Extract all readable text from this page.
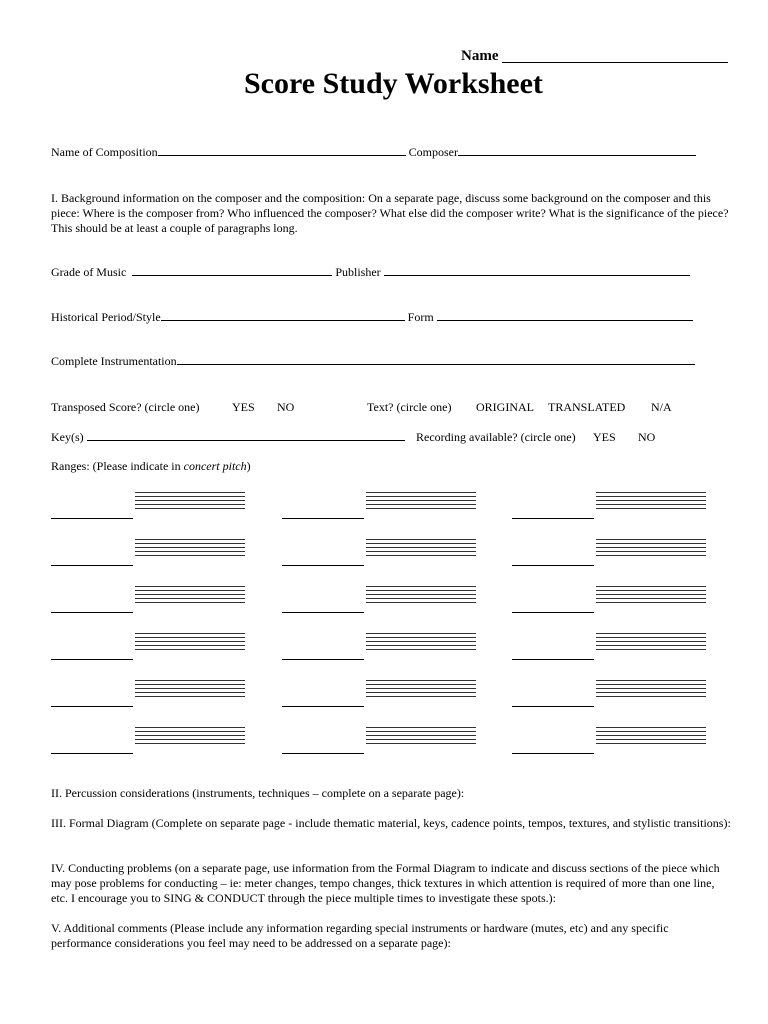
Name
Score Study Worksheet
Name of Composition	Composer
I. Background information on the composer and the composition: On a separate page, discuss some background on the composer and this piece: Where is the composer from? Who influenced the composer? What else did the composer write? What is the significance of the piece? This should be at least a couple of paragraphs long.
Grade of Music	Publisher
Historical Period/Style	Form
Complete Instrumentation
Transposed Score? (circle one)	YES NO	Text? (circle one) ORIGINAL TRANSLATED N/A
Key(s)	Recording available? (circle one) YES NO
Ranges: (Please indicate in concert pitch)
II. Percussion considerations (instruments, techniques – complete on a separate page):
III. Formal Diagram (Complete on separate page - include thematic material, keys, cadence points, tempos, textures, and stylistic transitions):
IV. Conducting problems (on a separate page, use information from the Formal Diagram to indicate and discuss sections of the piece which may pose problems for conducting – ie: meter changes, tempo changes, thick textures in which attention is required of more than one line, etc. I encourage you to SING & CONDUCT through the piece multiple times to investigate these spots.):
V. Additional comments (Please include any information regarding special instruments or hardware (mutes, etc) and any specific performance considerations you feel may need to be addressed on a separate page):
